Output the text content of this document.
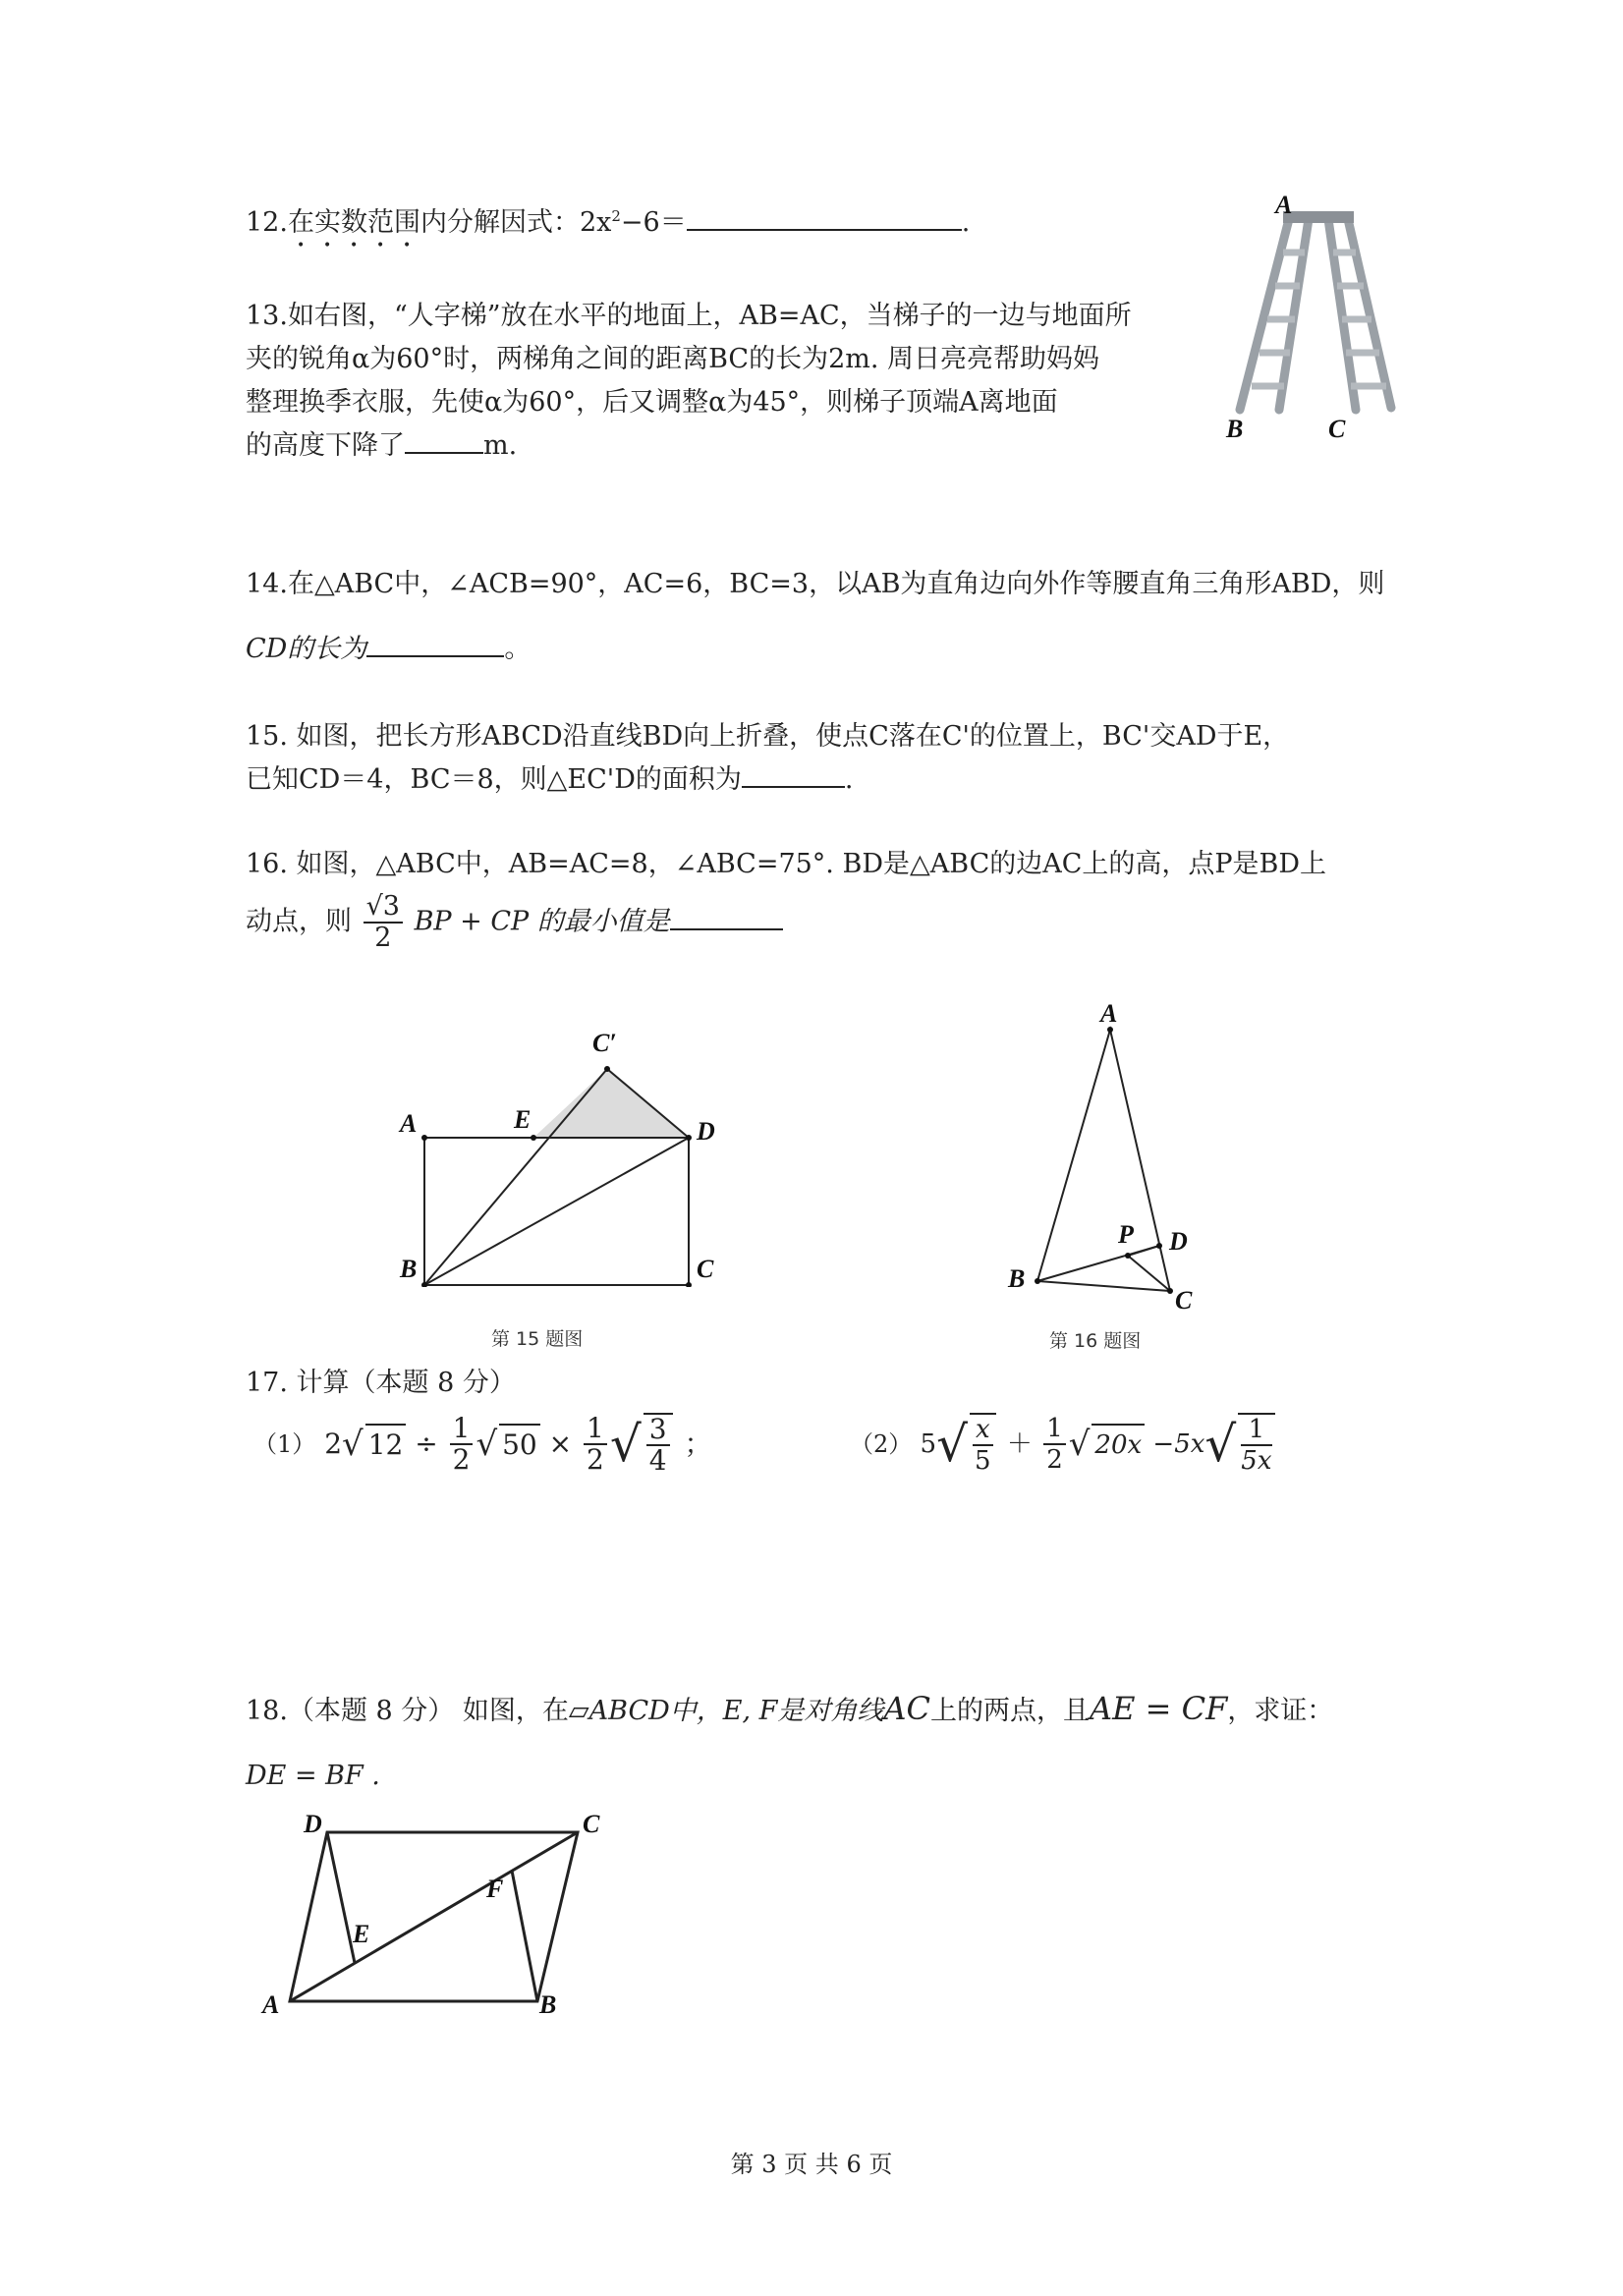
12.在实数范围内分解因式：$2x^2-6=$	.
A
B	C
13.如右图，“人字梯”放在水平的地面上，AB=AC，当梯子的一边与地面所
夹的锐角α为60°时，两梯角之间的距离BC的长为2m. 周日亮亮帮助妈妈
整理换季衣服，先使α为60°，后又调整α为45°，则梯子顶端A离地面
的高度下降了	m.
14.在△ABC中，∠ACB=90°，AC=6，BC=3，以AB为直角边向外作等腰直角三角形ABD，则
CD的长为	。
15. 如图，把长方形ABCD沿直线BD向上折叠，使点C落在C'的位置上，BC'交AD于E，
已知CD＝4，BC＝8，则△EC'D的面积为	.
16. 如图，△ABC中，AB=AC=8，∠ABC=75°. BD是△ABC的边AC上的高，点P是BD上
动点，则 $\frac{√3}{2}$ BP + CP 的最小值是
A	E
C′
D
B	C
第 15 题图
A
P D
B
C
第 16 题图
17. 计算（本题 8 分）
（1） 2√ $12 \div \frac{1}{2}$ √ $50 \times \frac{1}{2}$ √ $\frac{3}{4}$ ；	（2） $5√ \frac{x}{5} + \frac{1}{2}$ √ $20x -5x√ \frac{1}{5x}$
18.（本题 8 分） 如图，在▱ABCD中，E, F是对角线AC上的两点，且AE = CF，求证：
DE = BF .
D	C
E
F
A	B
第 3 页 共 6 页
